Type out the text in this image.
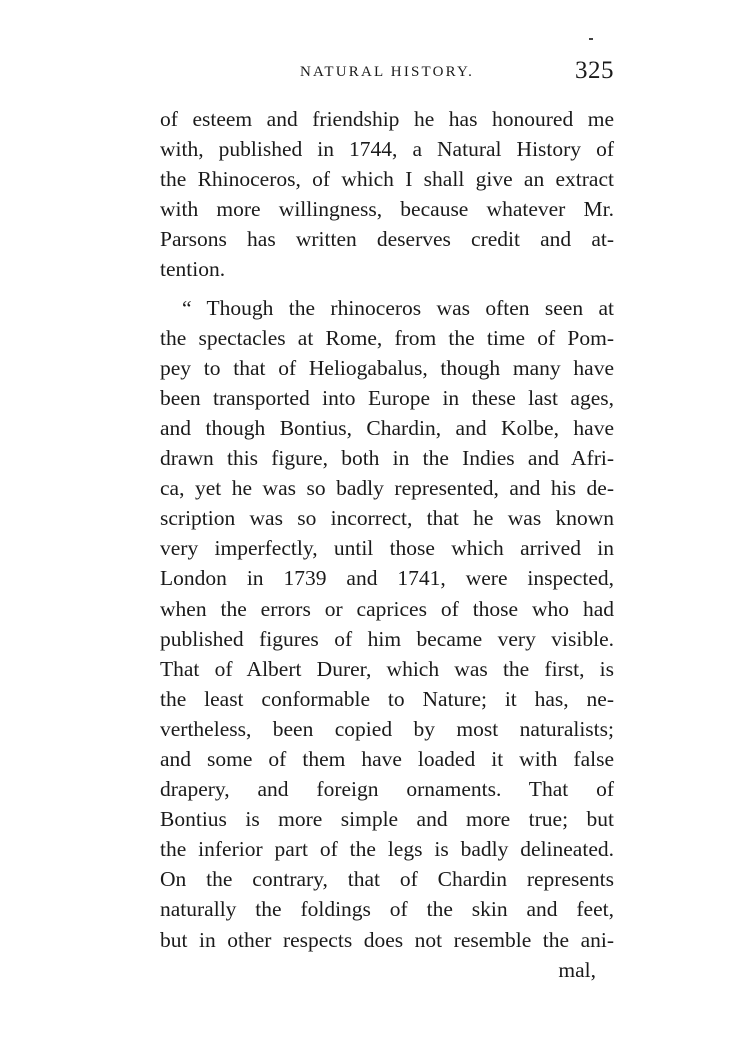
NATURAL HISTORY.	325
of esteem and friendship he has honoured me
with, published in 1744, a Natural History of
the Rhinoceros, of which I shall give an extract
with more willingness, because whatever Mr.
Parsons has written deserves credit and at-
tention.
“ Though the rhinoceros was often seen at
the spectacles at Rome, from the time of Pom-
pey to that of Heliogabalus, though many have
been transported into Europe in these last ages,
and though Bontius, Chardin, and Kolbe, have
drawn this figure, both in the Indies and Afri-
ca, yet he was so badly represented, and his de-
scription was so incorrect, that he was known
very imperfectly, until those which arrived in
London in 1739 and 1741, were inspected,
when the errors or caprices of those who had
published figures of him became very visible.
That of Albert Durer, which was the first, is
the least conformable to Nature; it has, ne-
vertheless, been copied by most naturalists;
and some of them have loaded it with false
drapery, and foreign ornaments. That of
Bontius is more simple and more true; but
the inferior part of the legs is badly delineated.
On the contrary, that of Chardin represents
naturally the foldings of the skin and feet,
but in other respects does not resemble the ani-
mal,
